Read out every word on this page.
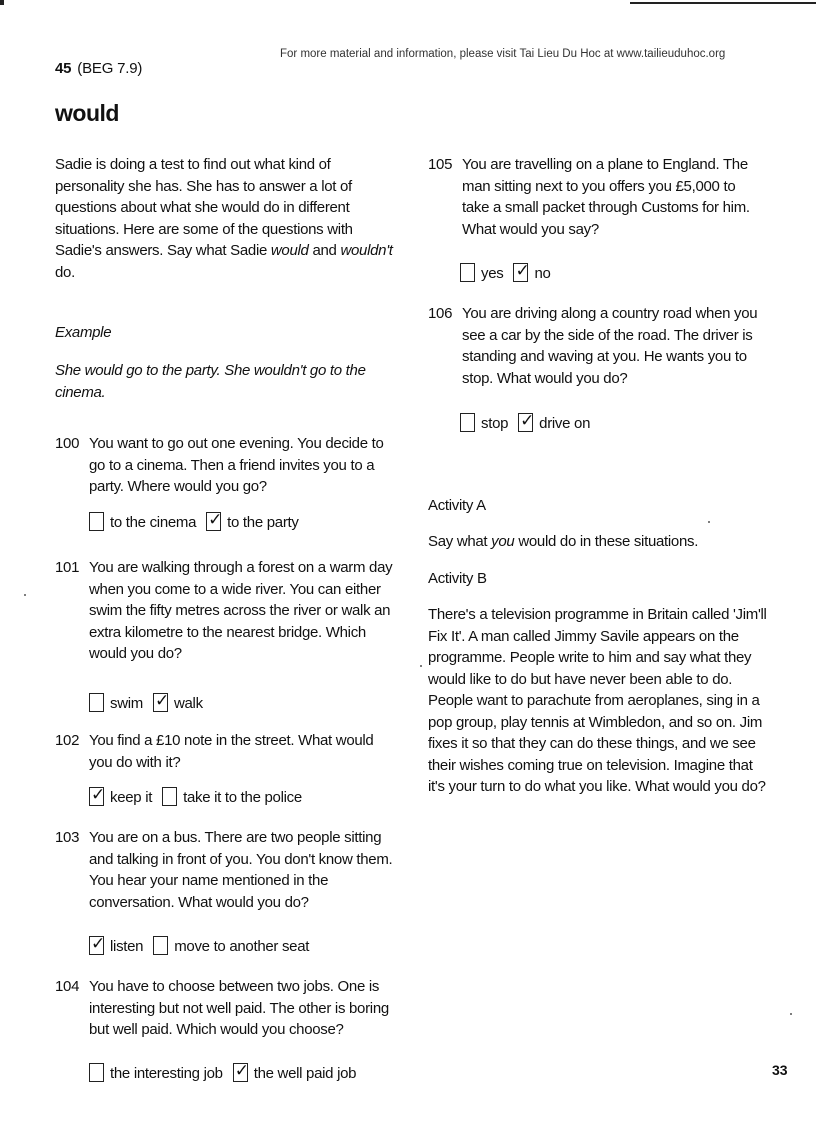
For more material and information, please visit Tai Lieu Du Hoc at www.tailieuduhoc.org
45 (BEG 7.9)
would
Sadie is doing a test to find out what kind of personality she has. She has to answer a lot of questions about what she would do in different situations. Here are some of the questions with Sadie's answers. Say what Sadie would and wouldn't do.
Example
She would go to the party. She wouldn't go to the cinema.
100 You want to go out one evening. You decide to go to a cinema. Then a friend invites you to a party. Where would you go?
to the cinema ✓ to the party
101 You are walking through a forest on a warm day when you come to a wide river. You can either swim the fifty metres across the river or walk an extra kilometre to the nearest bridge. Which would you do?
swim ✓ walk
102 You find a £10 note in the street. What would you do with it?
✓ keep it take it to the police
103 You are on a bus. There are two people sitting and talking in front of you. You don't know them. You hear your name mentioned in the conversation. What would you do?
✓ listen move to another seat
104 You have to choose between two jobs. One is interesting but not well paid. The other is boring but well paid. Which would you choose?
the interesting job ✓ the well paid job
105 You are travelling on a plane to England. The man sitting next to you offers you £5,000 to take a small packet through Customs for him. What would you say?
yes ✓ no
106 You are driving along a country road when you see a car by the side of the road. The driver is standing and waving at you. He wants you to stop. What would you do?
stop ✓ drive on
Activity A
Say what you would do in these situations.
Activity B
There's a television programme in Britain called 'Jim'll Fix It'. A man called Jimmy Savile appears on the programme. People write to him and say what they would like to do but have never been able to do. People want to parachute from aeroplanes, sing in a pop group, play tennis at Wimbledon, and so on. Jim fixes it so that they can do these things, and we see their wishes coming true on television. Imagine that it's your turn to do what you like. What would you do?
33
